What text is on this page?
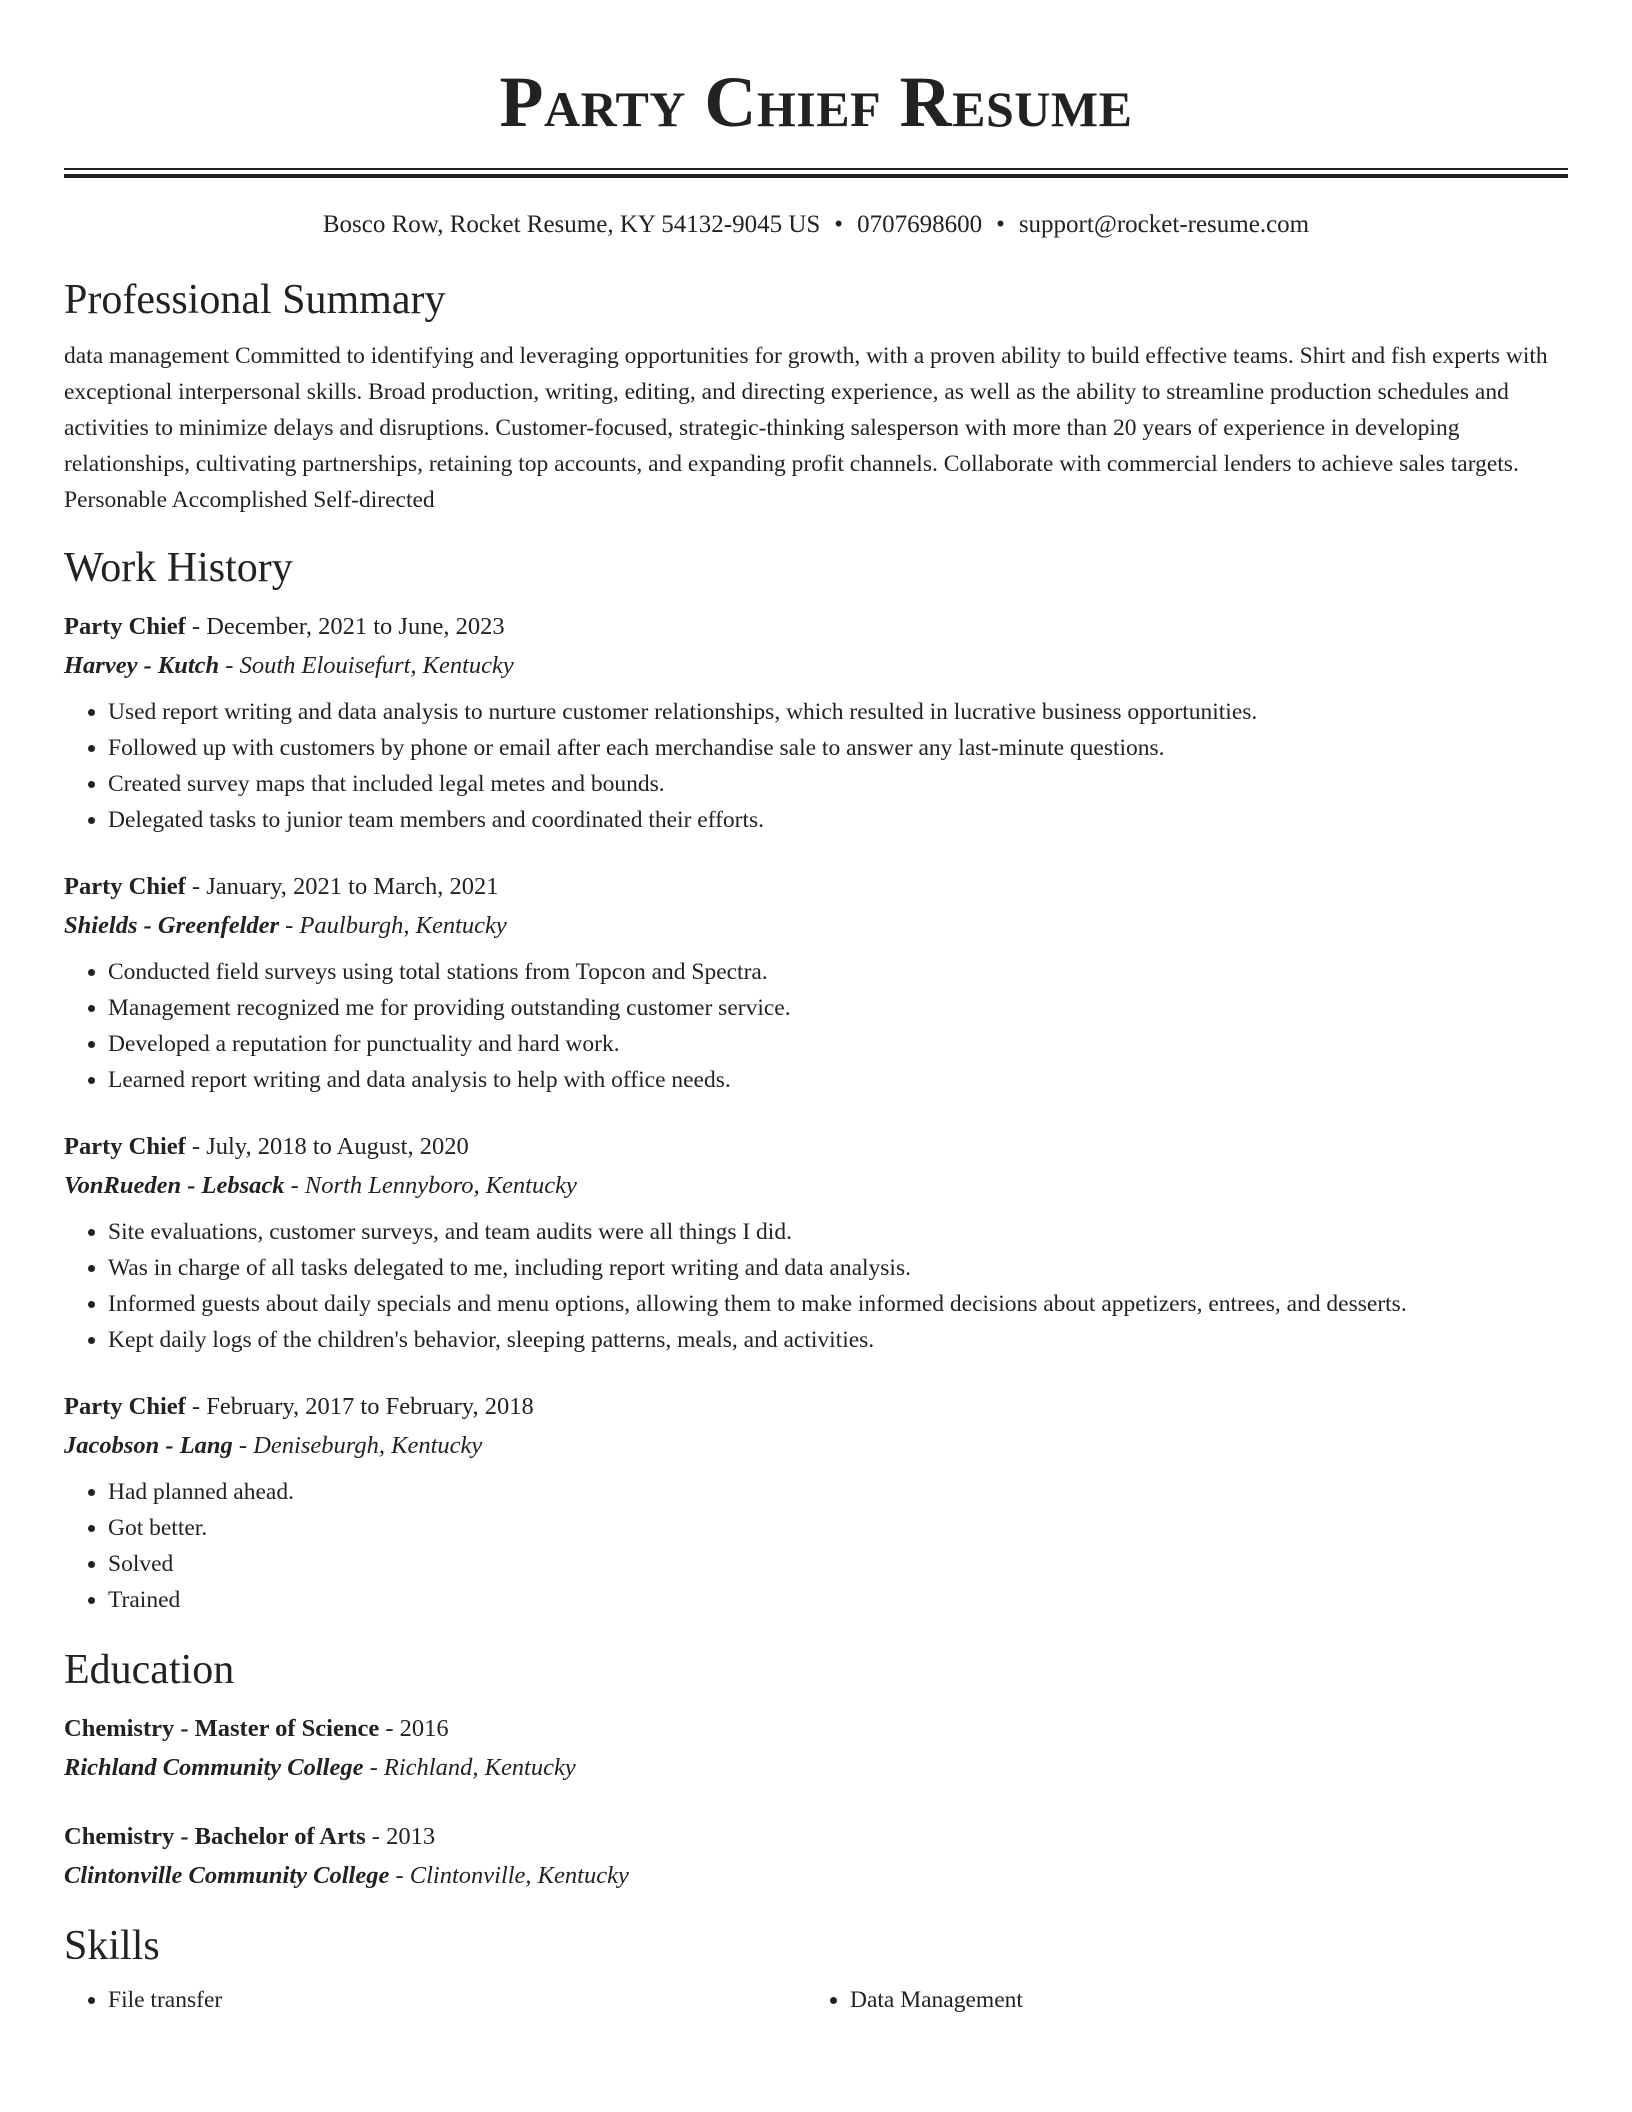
Party Chief Resume
Bosco Row, Rocket Resume, KY 54132-9045 US • 0707698600 • support@rocket-resume.com
Professional Summary

data management Committed to identifying and leveraging opportunities for growth, with a proven ability to build effective teams. Shirt and fish experts with exceptional interpersonal skills. Broad production, writing, editing, and directing experience, as well as the ability to streamline production schedules and activities to minimize delays and disruptions. Customer-focused, strategic-thinking salesperson with more than 20 years of experience in developing relationships, cultivating partnerships, retaining top accounts, and expanding profit channels. Collaborate with commercial lenders to achieve sales targets. Personable Accomplished Self-directed

Work History
Party Chief - December, 2021 to June, 2023
Harvey - Kutch - South Elouisefurt, Kentucky
• Used report writing and data analysis to nurture customer relationships, which resulted in lucrative business opportunities.
• Followed up with customers by phone or email after each merchandise sale to answer any last-minute questions.
• Created survey maps that included legal metes and bounds.
• Delegated tasks to junior team members and coordinated their efforts.
Party Chief - January, 2021 to March, 2021
Shields - Greenfelder - Paulburgh, Kentucky
• Conducted field surveys using total stations from Topcon and Spectra.
• Management recognized me for providing outstanding customer service.
• Developed a reputation for punctuality and hard work.
• Learned report writing and data analysis to help with office needs.
Party Chief - July, 2018 to August, 2020
VonRueden - Lebsack - North Lennyboro, Kentucky
• Site evaluations, customer surveys, and team audits were all things I did.
• Was in charge of all tasks delegated to me, including report writing and data analysis.
• Informed guests about daily specials and menu options, allowing them to make informed decisions about appetizers, entrees, and desserts.
• Kept daily logs of the children's behavior, sleeping patterns, meals, and activities.
Party Chief - February, 2017 to February, 2018
Jacobson - Lang - Deniseburgh, Kentucky
• Had planned ahead.
• Got better.
• Solved
• Trained
Education
Chemistry - Master of Science - 2016
Richland Community College - Richland, Kentucky
Chemistry - Bachelor of Arts - 2013
Clintonville Community College - Clintonville, Kentucky
Skills
• File transfer
•	Data Management
